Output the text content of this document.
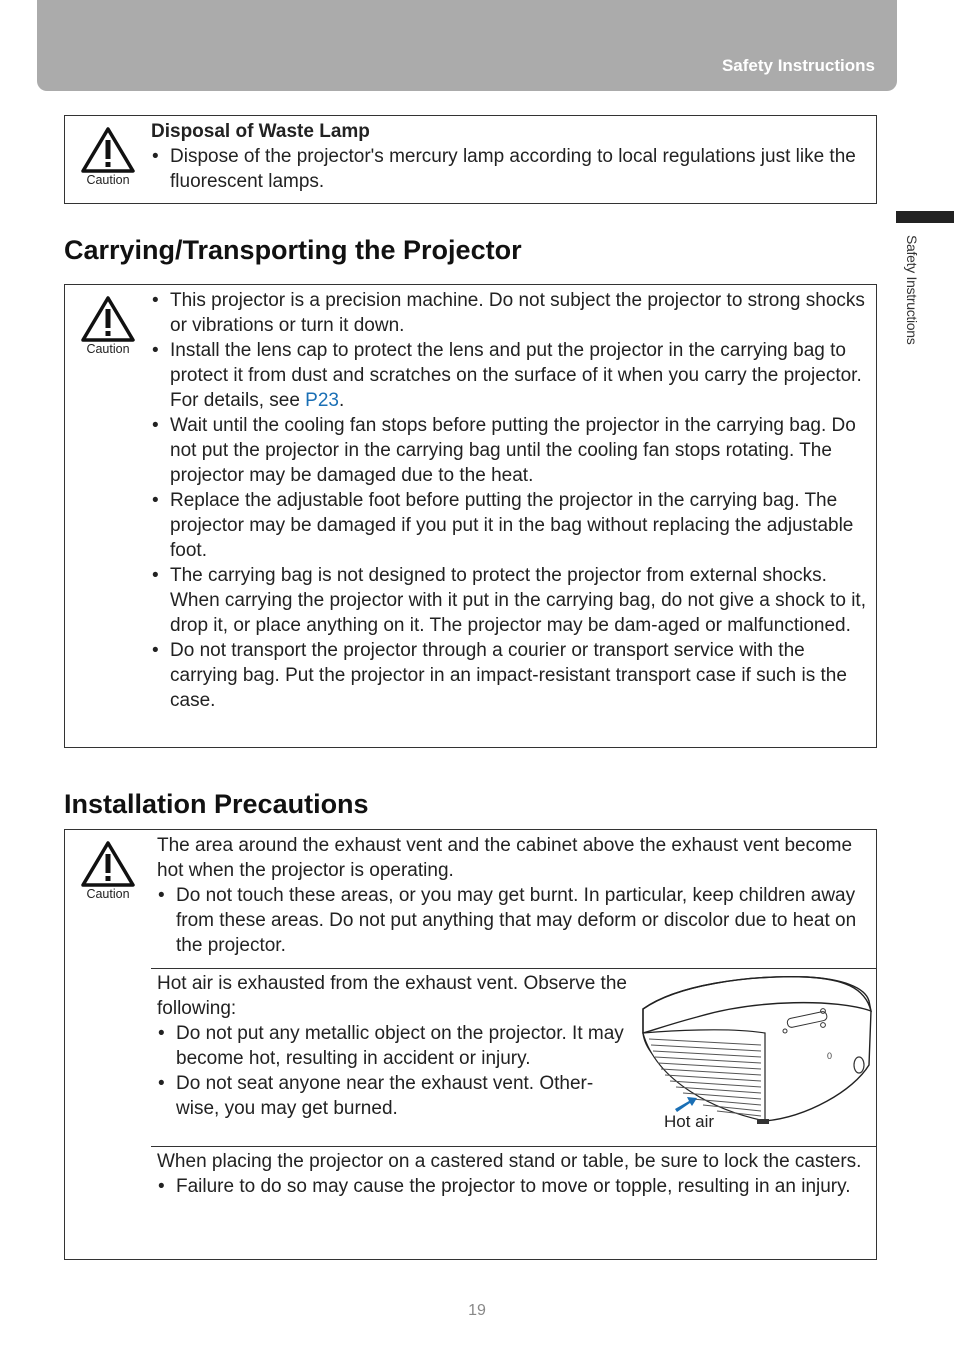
Safety Instructions
Safety Instructions
Caution
Disposal of Waste Lamp
• Dispose of the projector's mercury lamp according to local regulations just like the fluorescent lamps.
Carrying/Transporting the Projector
Caution
• This projector is a precision machine. Do not subject the projector to strong shocks or vibrations or turn it down.
• Install the lens cap to protect the lens and put the projector in the carrying bag to protect it from dust and scratches on the surface of it when you carry the projector. For details, see P23.
• Wait until the cooling fan stops before putting the projector in the carrying bag. Do not put the projector in the carrying bag until the cooling fan stops rotating. The projector may be damaged due to the heat.
• Replace the adjustable foot before putting the projector in the carrying bag. The projector may be damaged if you put it in the bag without replacing the adjustable foot.
• The carrying bag is not designed to protect the projector from external shocks. When carrying the projector with it put in the carrying bag, do not give a shock to it, drop it, or place anything on it. The projector may be dam-aged or malfunctioned.
• Do not transport the projector through a courier or transport service with the carrying bag. Put the projector in an impact-resistant transport case if such is the case.
Installation Precautions
Caution
The area around the exhaust vent and the cabinet above the exhaust vent become hot when the projector is operating.
• Do not touch these areas, or you may get burnt. In particular, keep children away from these areas. Do not put anything that may deform or discolor due to heat on the projector.
Hot air is exhausted from the exhaust vent. Observe the following:
• Do not put any metallic object on the projector. It may become hot, resulting in accident or injury.
• Do not seat anyone near the exhaust vent. Other-wise, you may get burned.
0
Hot air
When placing the projector on a castered stand or table, be sure to lock the casters.
• Failure to do so may cause the projector to move or topple, resulting in an injury.
19
